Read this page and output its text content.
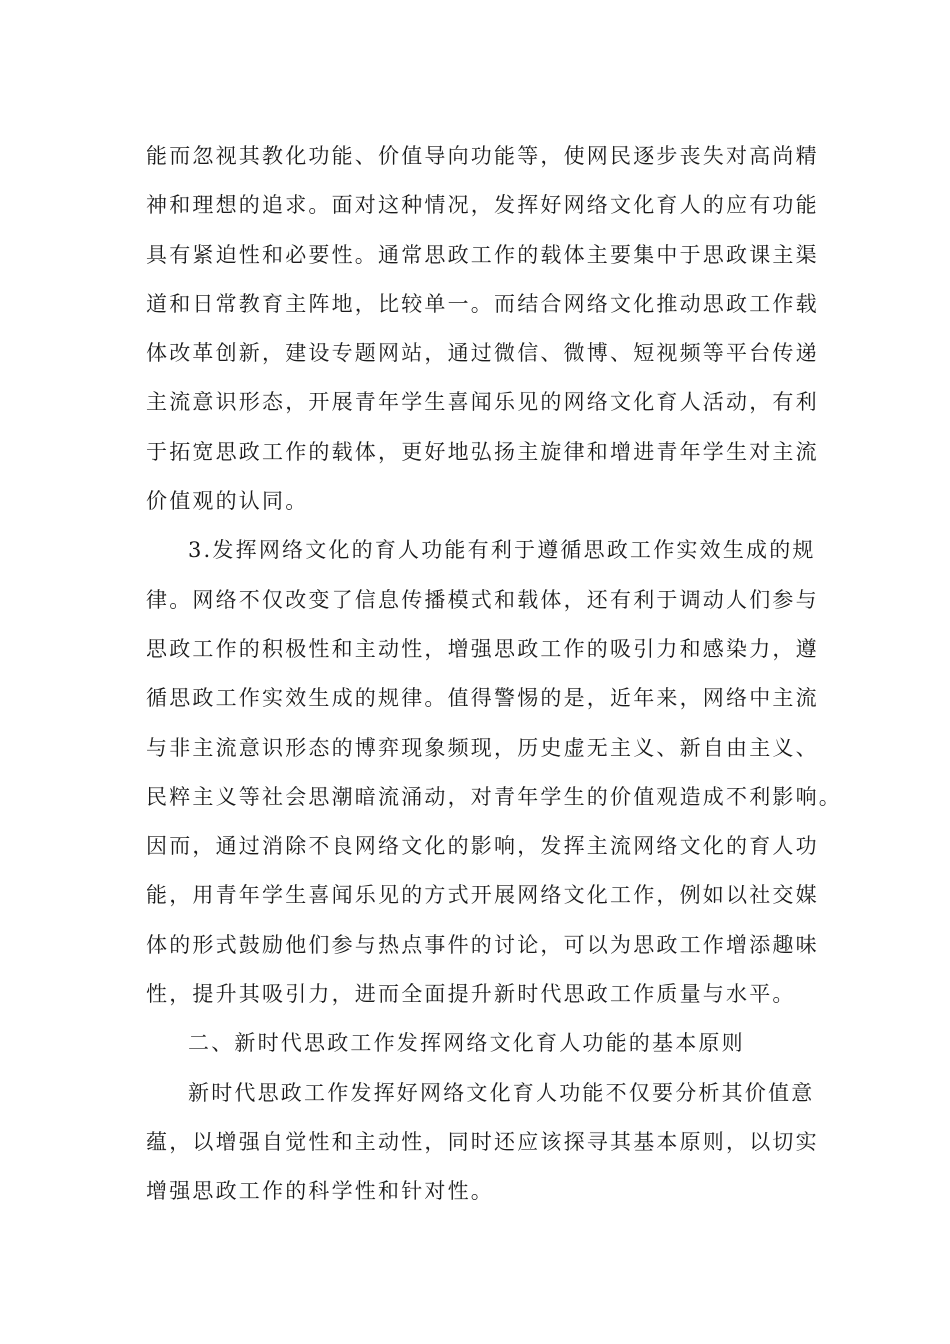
能而忽视其教化功能、价值导向功能等，使网民逐步丧失对高尚精
神和理想的追求。面对这种情况，发挥好网络文化育人的应有功能
具有紧迫性和必要性。通常思政工作的载体主要集中于思政课主渠
道和日常教育主阵地，比较单一。而结合网络文化推动思政工作载
体改革创新，建设专题网站，通过微信、微博、短视频等平台传递
主流意识形态，开展青年学生喜闻乐见的网络文化育人活动，有利
于拓宽思政工作的载体，更好地弘扬主旋律和增进青年学生对主流
价值观的认同。
3.发挥网络文化的育人功能有利于遵循思政工作实效生成的规
律。网络不仅改变了信息传播模式和载体，还有利于调动人们参与
思政工作的积极性和主动性，增强思政工作的吸引力和感染力，遵
循思政工作实效生成的规律。值得警惕的是，近年来，网络中主流
与非主流意识形态的博弈现象频现，历史虚无主义、新自由主义、
民粹主义等社会思潮暗流涌动，对青年学生的价值观造成不利影响。
因而，通过消除不良网络文化的影响，发挥主流网络文化的育人功
能，用青年学生喜闻乐见的方式开展网络文化工作，例如以社交媒
体的形式鼓励他们参与热点事件的讨论，可以为思政工作增添趣味
性，提升其吸引力，进而全面提升新时代思政工作质量与水平。
二、新时代思政工作发挥网络文化育人功能的基本原则
新时代思政工作发挥好网络文化育人功能不仅要分析其价值意
蕴，以增强自觉性和主动性，同时还应该探寻其基本原则，以切实
增强思政工作的科学性和针对性。
